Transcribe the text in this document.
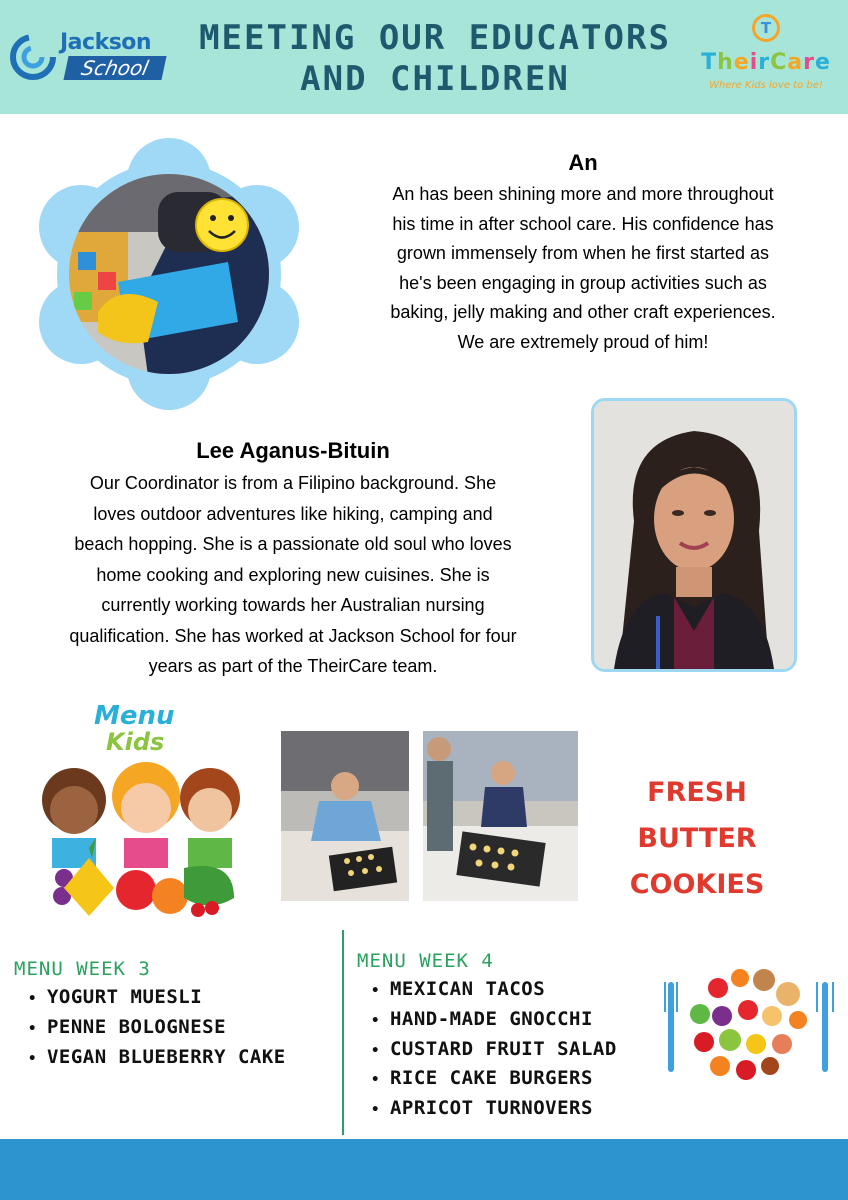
Jackson
School
MEETING OUR EDUCATORS
AND CHILDREN
T
TheirCare
Where Kids love to be!
An
An has been shining more and more throughout
his time in after school care. His confidence has
grown immensely from when he first started as
he's been engaging in group activities such as
baking, jelly making and other craft experiences.
We are extremely proud of him!
Lee Aganus-Bituin
Our Coordinator is from a Filipino background. She
loves outdoor adventures like hiking, camping and
beach hopping. She is a passionate old soul who loves
home cooking and exploring new cuisines. She is
currently working towards her Australian nursing
qualification. She has worked at Jackson School for four
years as part of the TheirCare team.
Menu
Kids
FRESH BUTTER
COOKIES
MENU WEEK 3
• YOGURT MUESLI
• PENNE BOLOGNESE
• VEGAN BLUEBERRY CAKE
MENU WEEK 4
• MEXICAN TACOS
• HAND-MADE GNOCCHI
• CUSTARD FRUIT SALAD
• RICE CAKE BURGERS
• APRICOT TURNOVERS
